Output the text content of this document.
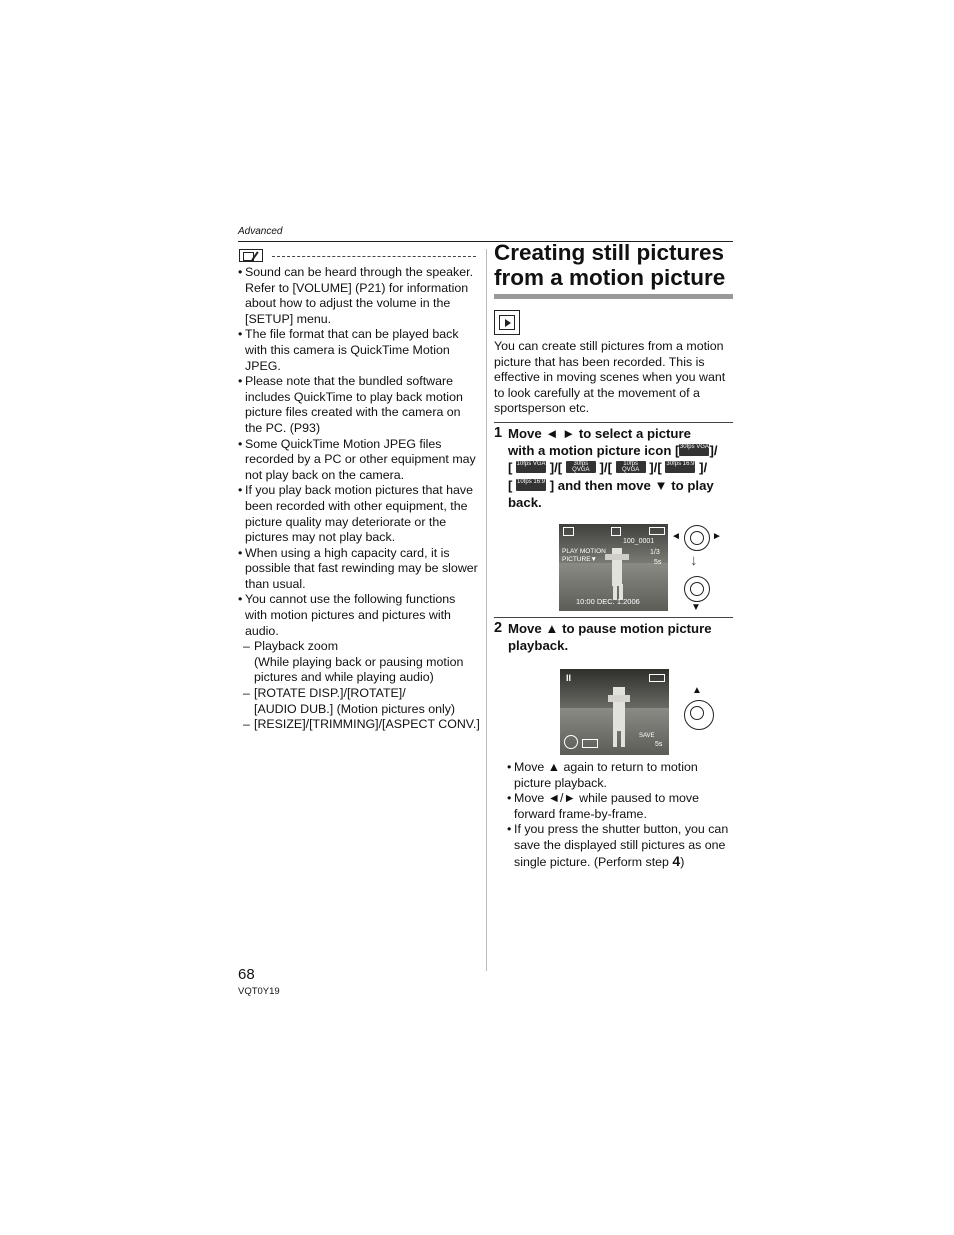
Advanced
• Sound can be heard through the speaker. Refer to [VOLUME] (P21) for information about how to adjust the volume in the [SETUP] menu.
• The file format that can be played back with this camera is QuickTime Motion JPEG.
• Please note that the bundled software includes QuickTime to play back motion picture files created with the camera on the PC. (P93)
• Some QuickTime Motion JPEG files recorded by a PC or other equipment may not play back on the camera.
• If you play back motion pictures that have been recorded with other equipment, the picture quality may deteriorate or the pictures may not play back.
• When using a high capacity card, it is possible that fast rewinding may be slower than usual.
• You cannot use the following functions with motion pictures and pictures with audio.
– Playback zoom
(While playing back or pausing motion pictures and while playing audio)
– [ROTATE DISP.]/[ROTATE]/
[AUDIO DUB.] (Motion pictures only)
– [RESIZE]/[TRIMMING]/[ASPECT CONV.]
Creating still pictures
from a motion picture
You can create still pictures from a motion picture that has been recorded. This is effective in moving scenes when you want to look carefully at the movement of a sportsperson etc.
1 Move ◄ ► to select a picture
with a motion picture icon [30fps VGA]/
[ 10fps VGA ]/[ 30fps QVGA ]/[ 10fps QVGA ]/[ 30fps 16:9 ]/
[ 10fps 16:9 ] and then move ▼ to play
back.
100_0001
1/3
5s
PLAY MOTION
PICTURE▼
10:00 DEC. 1.2006
◄	►
↓
▼
2 Move ▲ to pause motion picture
playback.
II
SAVE
5s
▲
• Move ▲ again to return to motion picture playback.
• Move ◄/► while paused to move forward frame-by-frame.
• If you press the shutter button, you can save the displayed still pictures as one single picture. (Perform step 4)
68
VQT0Y19
